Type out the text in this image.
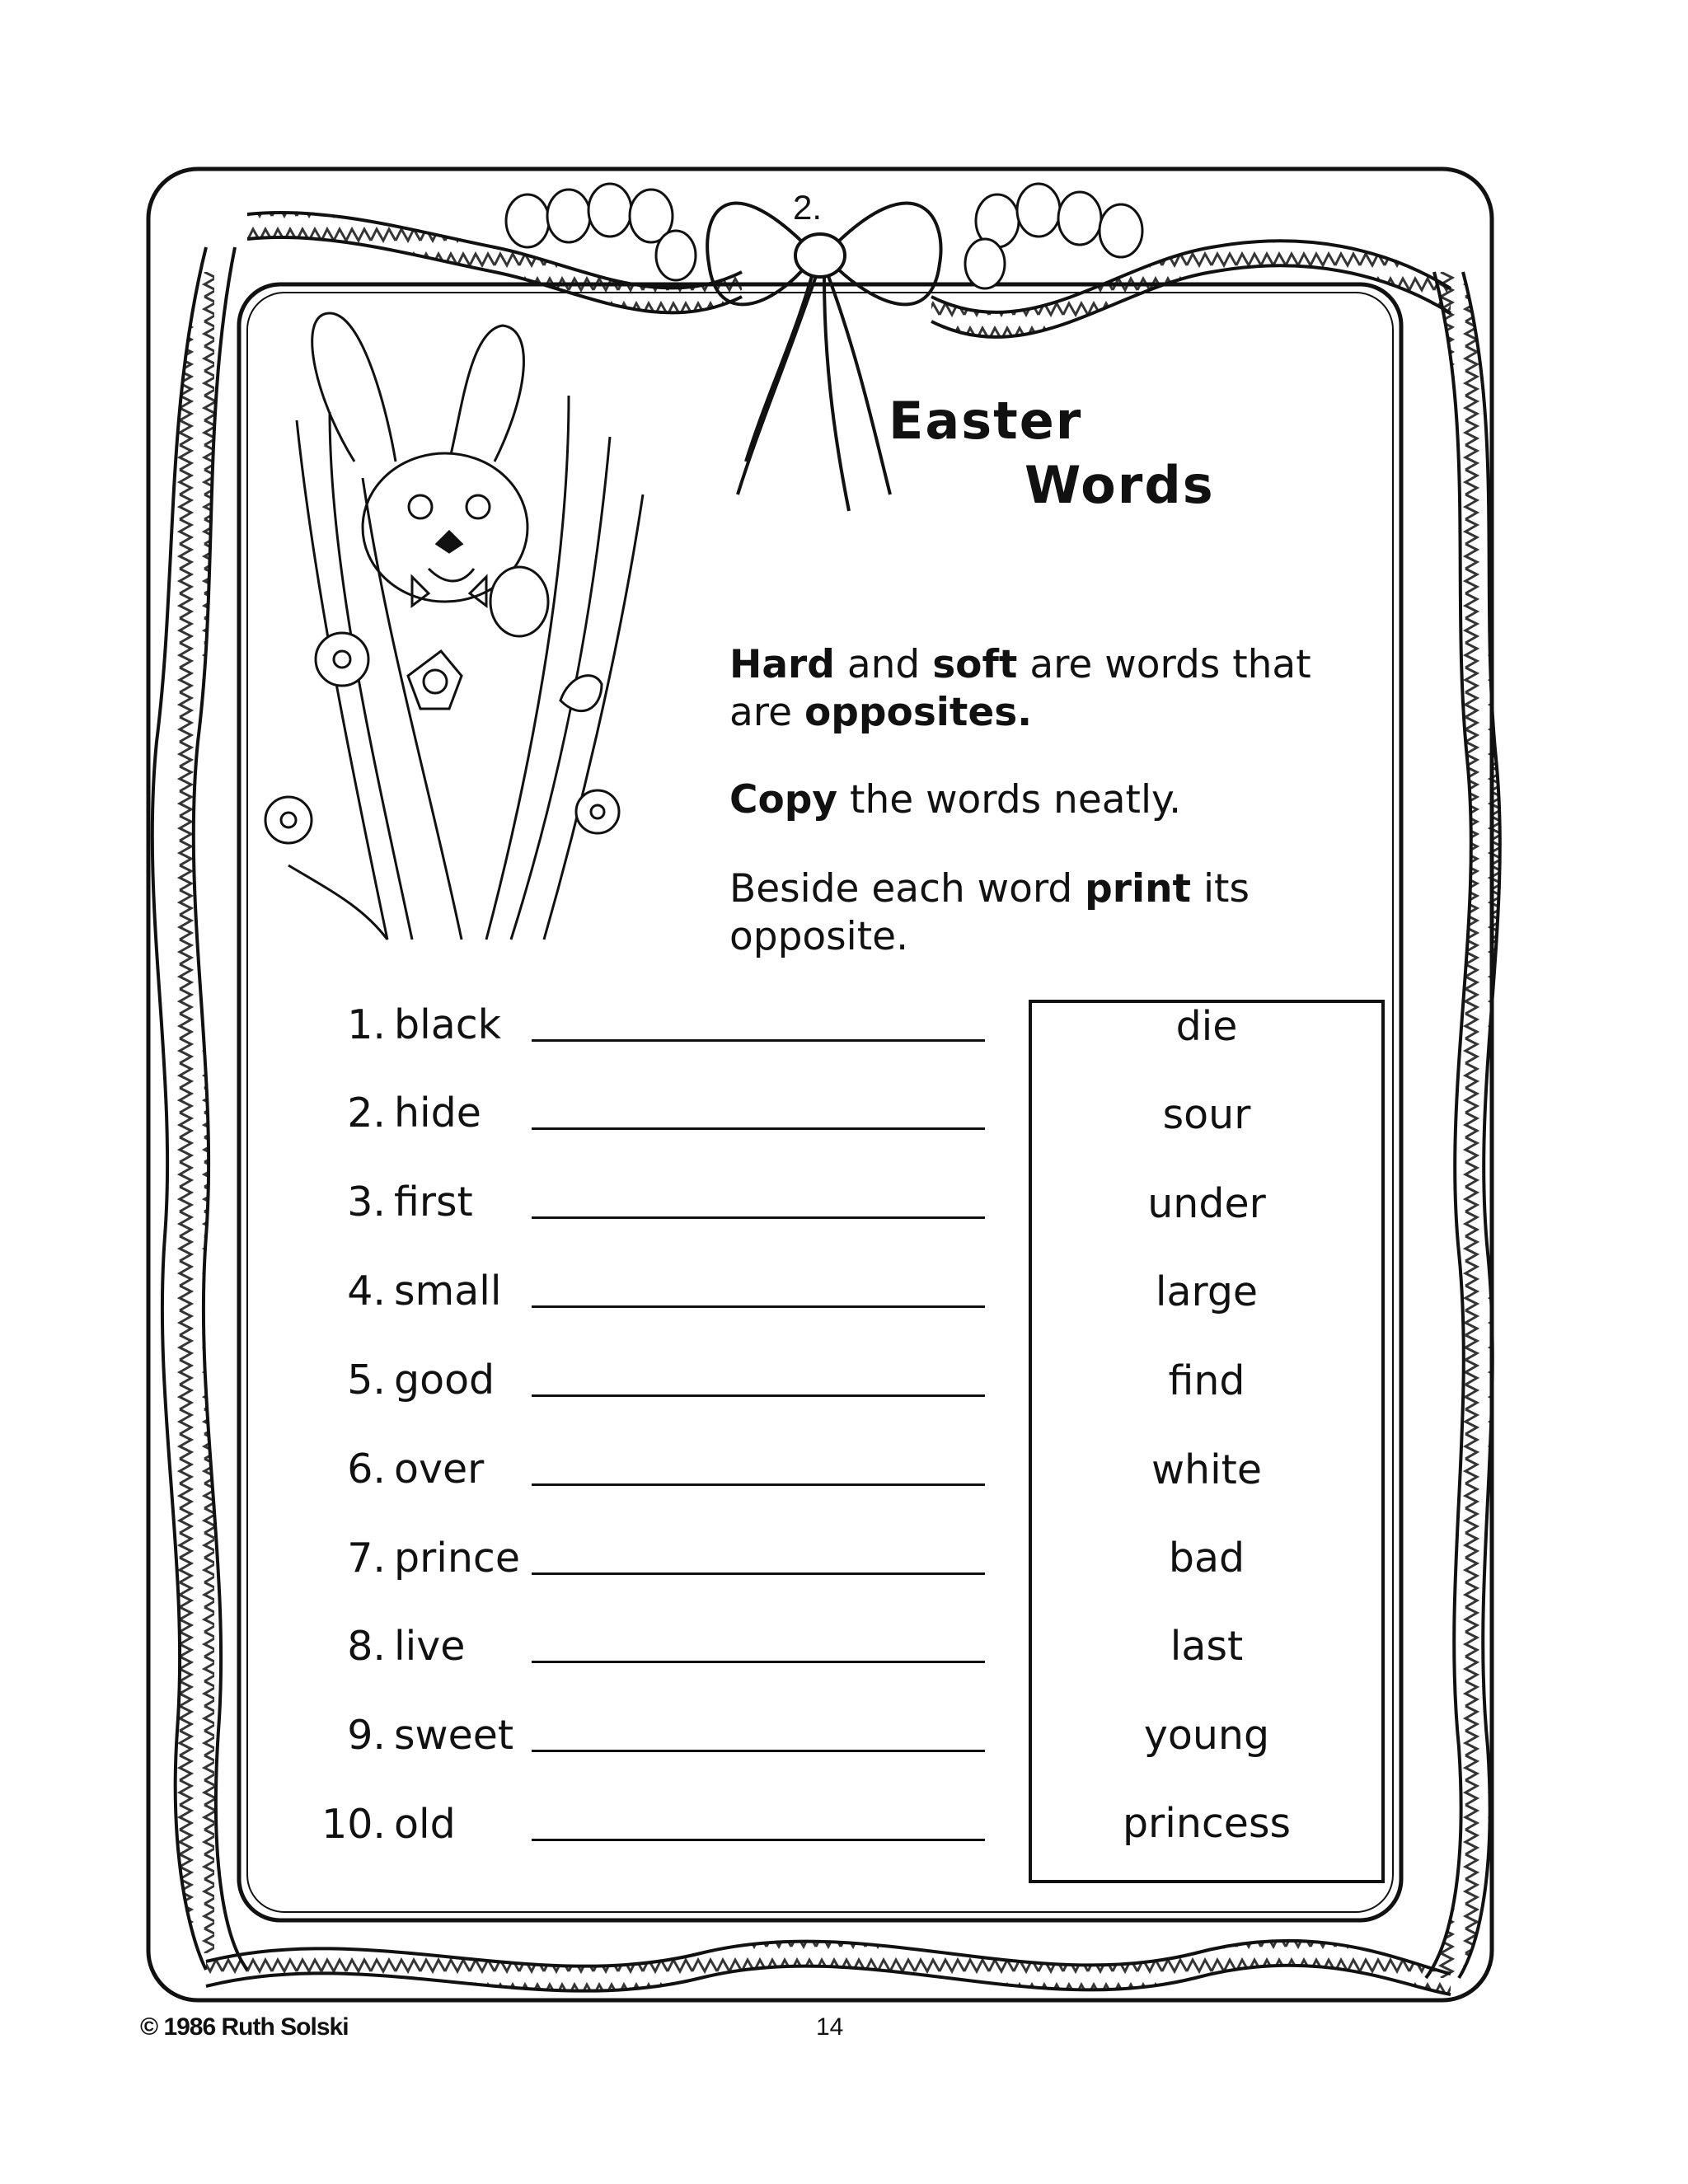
2.
Easter
Words
Hard and soft are words that are opposites.
Copy the words neatly.
Beside each word print its opposite.
1. black
2. hide
3. first
4. small
5. good
6. over
7. prince
8. live
9. sweet
10. old
die
sour
under
large
find
white
bad
last
young
princess
© 1986 Ruth Solski	14
